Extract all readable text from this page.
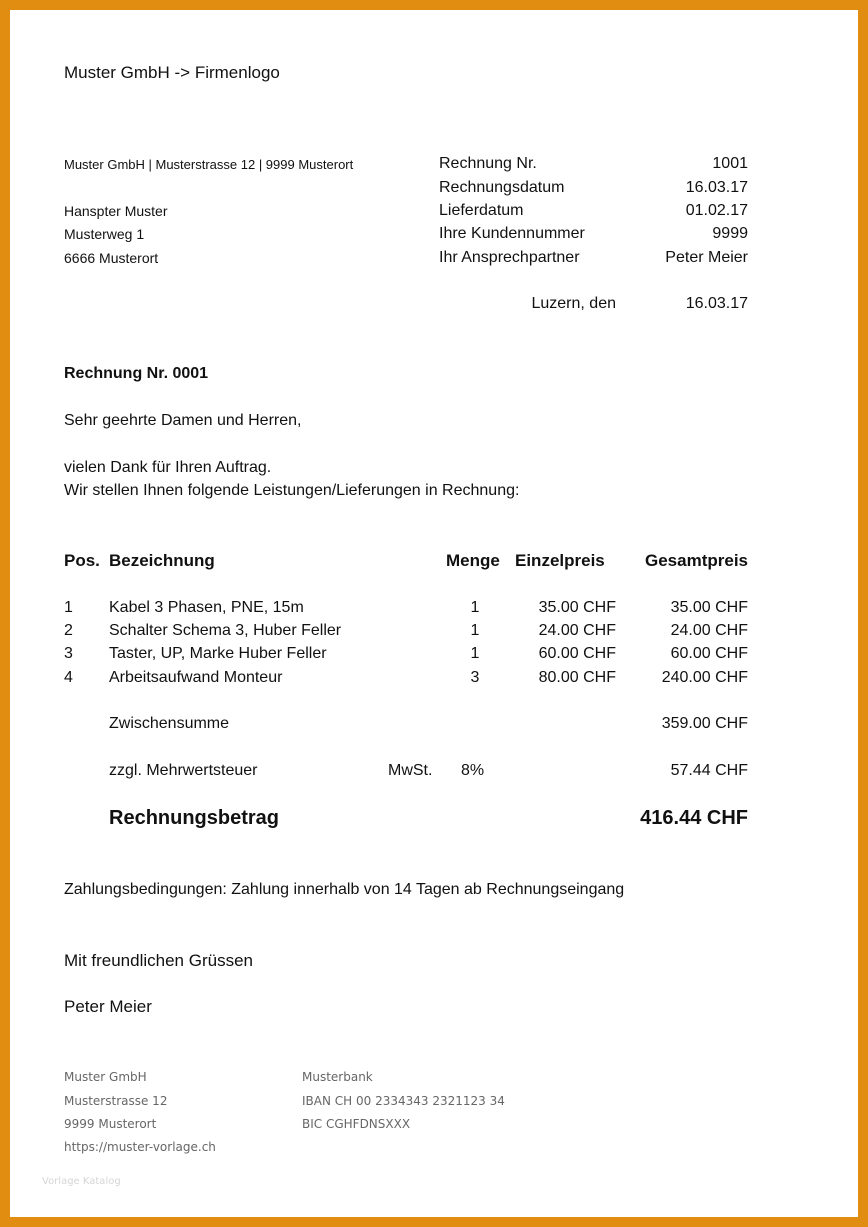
Muster GmbH -> Firmenlogo
Muster GmbH | Musterstrasse 12 | 9999 Musterort
Hanspter Muster
Musterweg 1
6666 Musterort
Rechnung Nr.	1001
Rechnungsdatum	16.03.17
Lieferdatum	01.02.17
Ihre Kundennummer	9999
Ihr Ansprechpartner	Peter Meier
Luzern, den	16.03.17
Rechnung Nr. 0001
Sehr geehrte Damen und Herren,
vielen Dank für Ihren Auftrag.
Wir stellen Ihnen folgende Leistungen/Lieferungen in Rechnung:
Pos. Bezeichnung	Menge Einzelpreis	Gesamtpreis
1 Kabel 3 Phasen, PNE, 15m	1	35.00 CHF	35.00 CHF
2 Schalter Schema 3, Huber Feller	1	24.00 CHF	24.00 CHF
3 Taster, UP, Marke Huber Feller	1	60.00 CHF	60.00 CHF
4 Arbeitsaufwand Monteur	3	80.00 CHF	240.00 CHF
Zwischensumme	359.00 CHF
zzgl. Mehrwertsteuer	MwSt. 8%	57.44 CHF
Rechnungsbetrag	416.44 CHF
Zahlungsbedingungen: Zahlung innerhalb von 14 Tagen ab Rechnungseingang
Mit freundlichen Grüssen
Peter Meier
Muster GmbH
Musterstrasse 12
9999 Musterort
https://muster-vorlage.ch
Musterbank
IBAN CH 00 2334343 2321123 34
BIC CGHFDNSXXX
Vorlage Katalog
